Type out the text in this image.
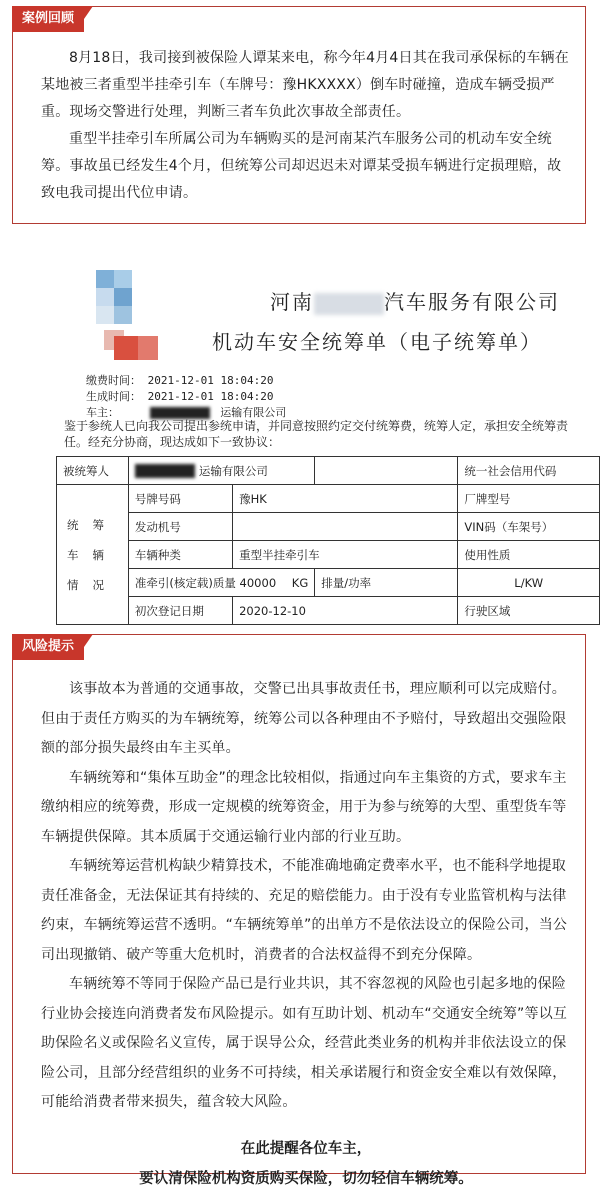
案例回顾

8月18日，我司接到被保险人谭某来电，称今年4月4日其在我司承保标的车辆在某地被三者重型半挂牵引车（车牌号：豫HKXXXX）倒车时碰撞，造成车辆受损严重。现场交警进行处理，判断三者车负此次事故全部责任。

重型半挂牵引车所属公司为车辆购买的是河南某汽车服务公司的机动车安全统筹。事故虽已经发生4个月，但统筹公司却迟迟未对谭某受损车辆进行定损理赔，故致电我司提出代位申请。

河南	汽车服务有限公司
机动车安全统筹单（电子统筹单）
缴费时间： 2021-12-01 18:04:20
生成时间： 2021-12-01 18:04:20
车主：	运输有限公司
鉴于参统人已向我公司提出参统申请，并同意按照约定交付统筹费，统筹人定，承担安全统筹责任。经充分协商，现达成如下一致协议：
被统筹人	运输有限公司			统一社会信用代码

统筹
车辆
情况	号牌号码	豫HK		厂牌型号
	发动机号			VIN码（车架号）
	车辆种类	重型半挂牵引车		使用性质
	准牵引(核定载)质量 40000 KG		排量/功率	L/KW
	初次登记日期	2020-12-10		行驶区域
风险提示

该事故本为普通的交通事故，交警已出具事故责任书，理应顺利可以完成赔付。但由于责任方购买的为车辆统筹，统筹公司以各种理由不予赔付，导致超出交强险限额的部分损失最终由车主买单。

车辆统筹和“集体互助金”的理念比较相似，指通过向车主集资的方式，要求车主缴纳相应的统筹费，形成一定规模的统筹资金，用于为参与统筹的大型、重型货车等车辆提供保障。其本质属于交通运输行业内部的行业互助。

车辆统筹运营机构缺少精算技术，不能准确地确定费率水平，也不能科学地提取责任准备金，无法保证其有持续的、充足的赔偿能力。由于没有专业监管机构与法律约束，车辆统筹运营不透明。“车辆统筹单”的出单方不是依法设立的保险公司，当公司出现撤销、破产等重大危机时，消费者的合法权益得不到充分保障。

车辆统筹不等同于保险产品已是行业共识，其不容忽视的风险也引起多地的保险行业协会接连向消费者发布风险提示。如有互助计划、机动车“交通安全统筹”等以互助保险名义或保险名义宣传，属于误导公众，经营此类业务的机构并非依法设立的保险公司，且部分经营组织的业务不可持续，相关承诺履行和资金安全难以有效保障，可能给消费者带来损失，蕴含较大风险。

在此提醒各位车主，
要认清保险机构资质购买保险，切勿轻信车辆统筹。
